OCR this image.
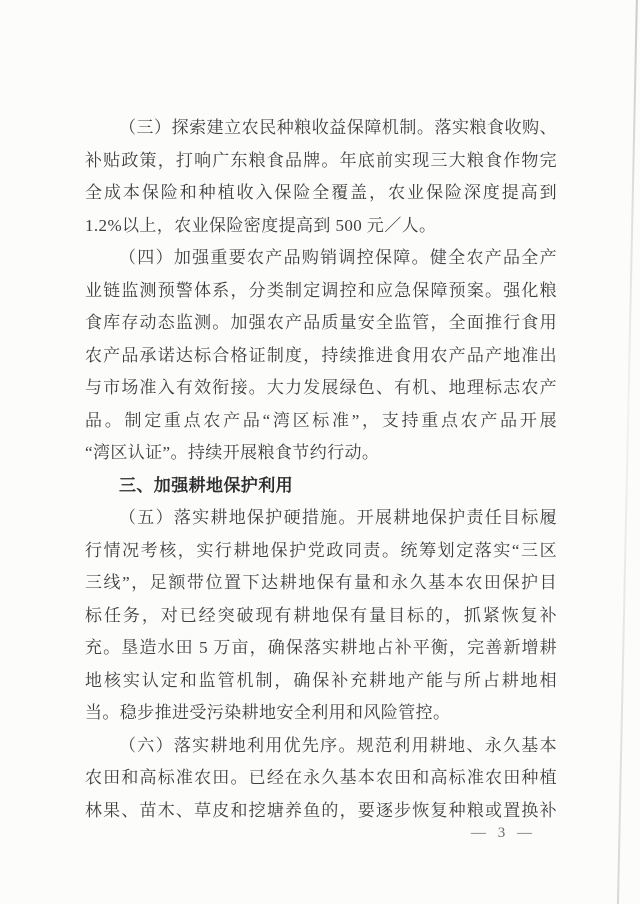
（三）探索建立农民种粮收益保障机制。落实粮食收购、
补贴政策，打响广东粮食品牌。年底前实现三大粮食作物完
全成本保险和种植收入保险全覆盖，农业保险深度提高到
1.2%以上，农业保险密度提高到 500 元／人。
（四）加强重要农产品购销调控保障。健全农产品全产
业链监测预警体系，分类制定调控和应急保障预案。强化粮
食库存动态监测。加强农产品质量安全监管，全面推行食用
农产品承诺达标合格证制度，持续推进食用农产品产地准出
与市场准入有效衔接。大力发展绿色、有机、地理标志农产
品。制定重点农产品“湾区标准”，支持重点农产品开展
“湾区认证”。持续开展粮食节约行动。
三、加强耕地保护利用
（五）落实耕地保护硬措施。开展耕地保护责任目标履
行情况考核，实行耕地保护党政同责。统筹划定落实“三区
三线”，足额带位置下达耕地保有量和永久基本农田保护目
标任务，对已经突破现有耕地保有量目标的，抓紧恢复补
充。垦造水田 5 万亩，确保落实耕地占补平衡，完善新增耕
地核实认定和监管机制，确保补充耕地产能与所占耕地相
当。稳步推进受污染耕地安全利用和风险管控。
（六）落实耕地利用优先序。规范利用耕地、永久基本
农田和高标准农田。已经在永久基本农田和高标准农田种植
林果、苗木、草皮和挖塘养鱼的，要逐步恢复种粮或置换补
— 3 —
